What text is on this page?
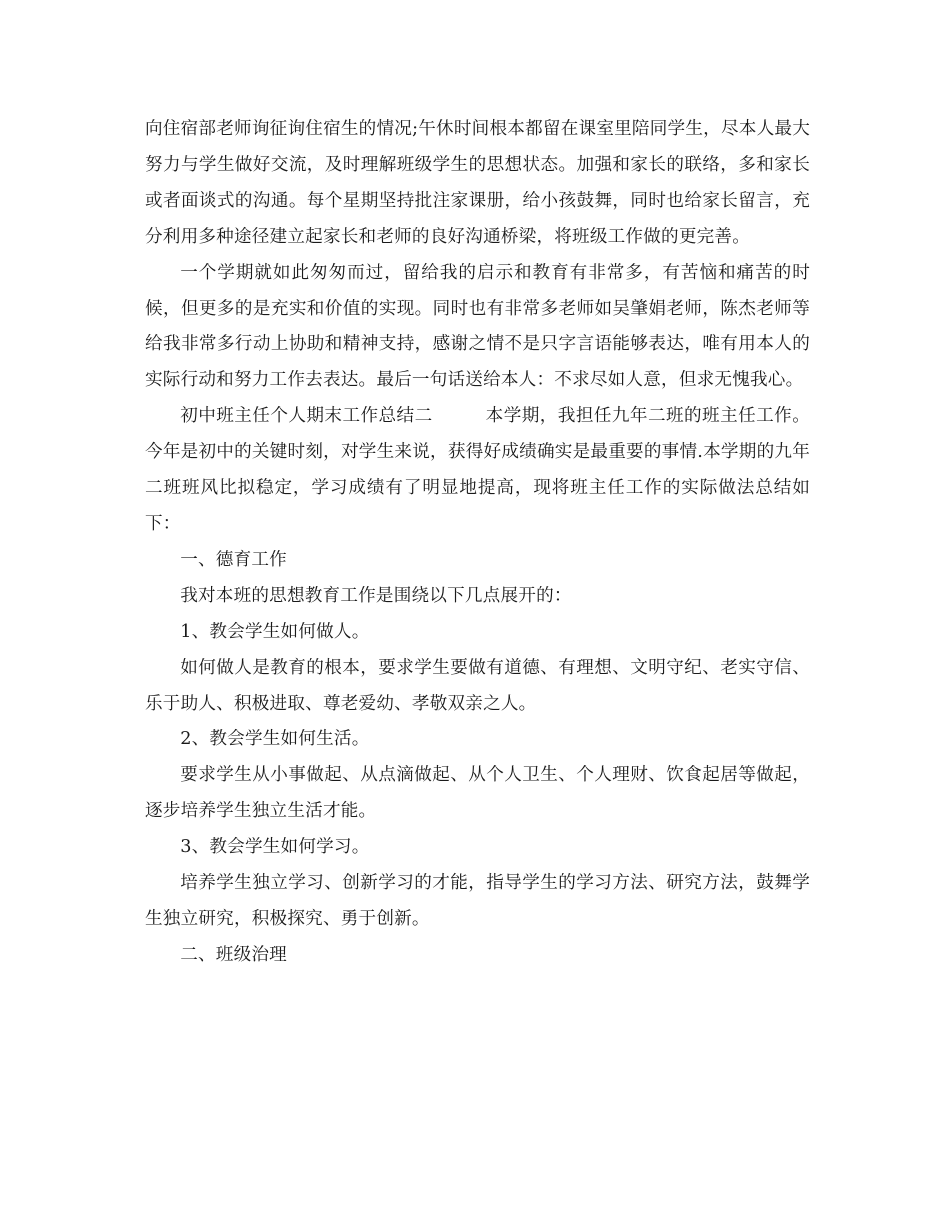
向住宿部老师询征询住宿生的情况;午休时间根本都留在课室里陪同学生，尽本人最大努力与学生做好交流，及时理解班级学生的思想状态。加强和家长的联络，多和家长或者面谈式的沟通。每个星期坚持批注家课册，给小孩鼓舞，同时也给家长留言，充分利用多种途径建立起家长和老师的良好沟通桥梁，将班级工作做的更完善。

一个学期就如此匆匆而过，留给我的启示和教育有非常多，有苦恼和痛苦的时候，但更多的是充实和价值的实现。同时也有非常多老师如吴肇娟老师，陈杰老师等给我非常多行动上协助和精神支持，感谢之情不是只字言语能够表达，唯有用本人的实际行动和努力工作去表达。最后一句话送给本人：不求尽如人意，但求无愧我心。

初中班主任个人期末工作总结二	本学期，我担任九年二班的班主任工作。今年是初中的关键时刻，对学生来说，获得好成绩确实是最重要的事情.本学期的九年二班班风比拟稳定，学习成绩有了明显地提高，现将班主任工作的实际做法总结如下：

一、德育工作

我对本班的思想教育工作是围绕以下几点展开的：

1、教会学生如何做人。

如何做人是教育的根本，要求学生要做有道德、有理想、文明守纪、老实守信、乐于助人、积极进取、尊老爱幼、孝敬双亲之人。

2、教会学生如何生活。

要求学生从小事做起、从点滴做起、从个人卫生、个人理财、饮食起居等做起，逐步培养学生独立生活才能。

3、教会学生如何学习。

培养学生独立学习、创新学习的才能，指导学生的学习方法、研究方法，鼓舞学生独立研究，积极探究、勇于创新。

二、班级治理
